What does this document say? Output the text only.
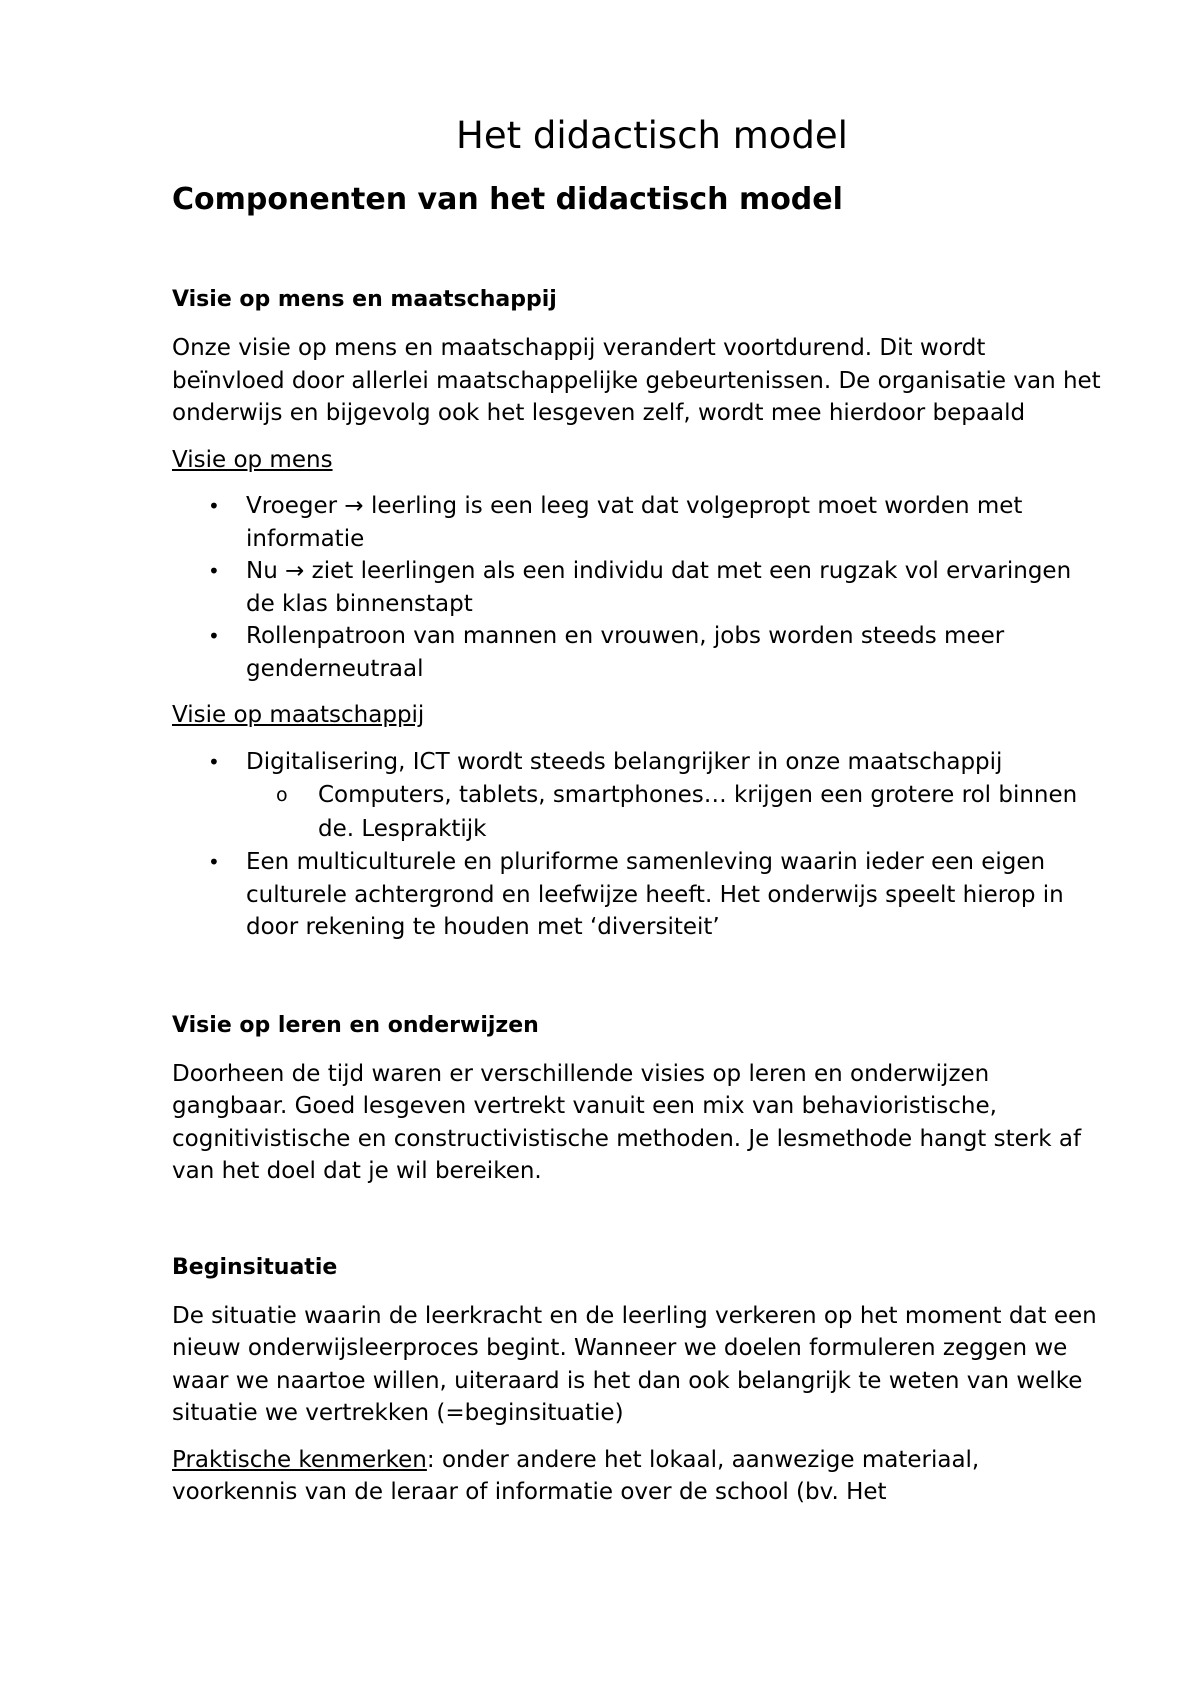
Het didactisch model
Componenten van het didactisch model
Visie op mens en maatschappij

Onze visie op mens en maatschappij verandert voortdurend. Dit wordt beïnvloed door allerlei maatschappelijke gebeurtenissen. De organisatie van het onderwijs en bijgevolg ook het lesgeven zelf, wordt mee hierdoor bepaald

Visie op mens
• Vroeger → leerling is een leeg vat dat volgepropt moet worden met informatie
• Nu → ziet leerlingen als een individu dat met een rugzak vol ervaringen de klas binnenstapt
• Rollenpatroon van mannen en vrouwen, jobs worden steeds meer genderneutraal
Visie op maatschappij
• Digitalisering, ICT wordt steeds belangrijker in onze maatschappij
o Computers, tablets, smartphones… krijgen een grotere rol binnen de. Lespraktijk
• Een multiculturele en pluriforme samenleving waarin ieder een eigen culturele achtergrond en leefwijze heeft. Het onderwijs speelt hierop in door rekening te houden met ‘diversiteit’
Visie op leren en onderwijzen

Doorheen de tijd waren er verschillende visies op leren en onderwijzen gangbaar. Goed lesgeven vertrekt vanuit een mix van behavioristische, cognitivistische en constructivistische methoden. Je lesmethode hangt sterk af van het doel dat je wil bereiken.

Beginsituatie

De situatie waarin de leerkracht en de leerling verkeren op het moment dat een nieuw onderwijsleerproces begint. Wanneer we doelen formuleren zeggen we waar we naartoe willen, uiteraard is het dan ook belangrijk te weten van welke situatie we vertrekken (=beginsituatie)

Praktische kenmerken: onder andere het lokaal, aanwezige materiaal, voorkennis van de leraar of informatie over de school (bv. Het
